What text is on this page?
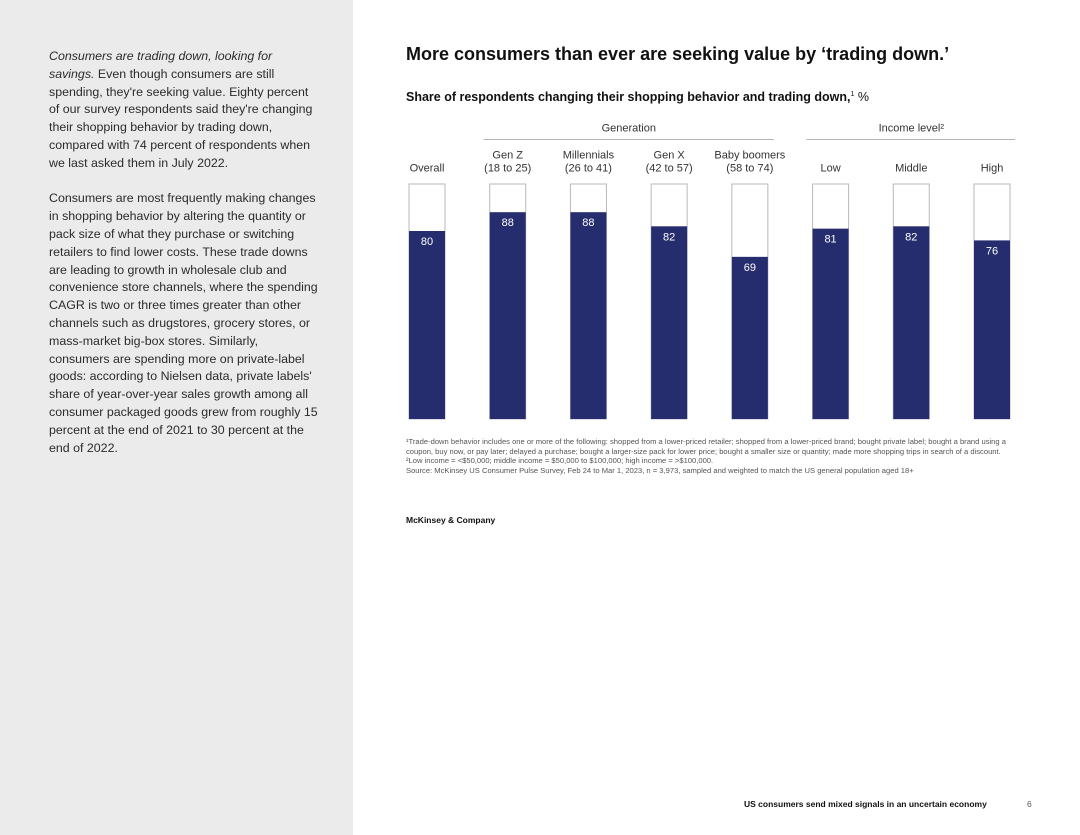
Consumers are trading down, looking for savings. Even though consumers are still spending, they're seeking value. Eighty percent of our survey respondents said they're changing their shopping behavior by trading down, compared with 74 percent of respondents when we last asked them in July 2022.

Consumers are most frequently making changes in shopping behavior by altering the quantity or pack size of what they purchase or switching retailers to find lower costs. These trade downs are leading to growth in wholesale club and convenience store channels, where the spending CAGR is two or three times greater than other channels such as drugstores, grocery stores, or mass-market big-box stores. Similarly, consumers are spending more on private-label goods: according to Nielsen data, private labels' share of year-over-year sales growth among all consumer packaged goods grew from roughly 15 percent at the end of 2021 to 30 percent at the end of 2022.

More consumers than ever are seeking value by ‘trading down.’
Share of respondents changing their shopping behavior and trading down,$^1$ %
Generation	Income level²
Overall
80
Gen Z
(18 to 25)
88
Millennials
(26 to 41)
88
Gen X
(42 to 57)
82
Baby boomers
(58 to 74)
69
Low
81
Middle
82
High
76
¹Trade-down behavior includes one or more of the following: shopped from a lower-priced retailer; shopped from a lower-priced brand; bought private label; bought a brand using a coupon, buy now, or pay later; delayed a purchase; bought a larger-size pack for lower price; bought a smaller size or quantity; made more shopping trips in search of a discount.
²Low income = <$50,000; middle income = $50,000 to $100,000; high income = >$100,000.
Source: McKinsey US Consumer Pulse Survey, Feb 24 to Mar 1, 2023, n = 3,973, sampled and weighted to match the US general population aged 18+
McKinsey & Company
US consumers send mixed signals in an uncertain economy	6
